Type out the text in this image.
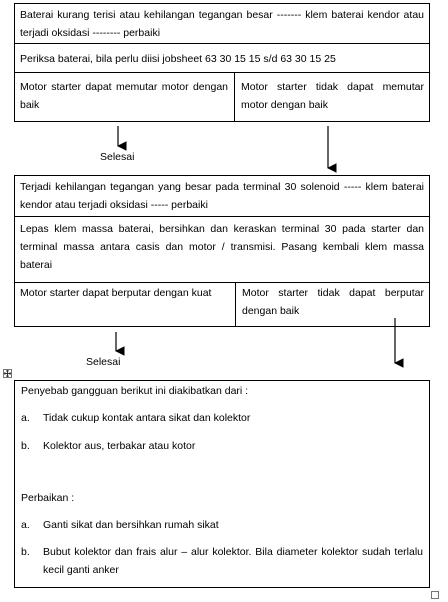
Baterai kurang terisi atau kehilangan tegangan besar ------- klem baterai kendor atau terjadi oksidasi -------- perbaiki
Periksa baterai, bila perlu diisi jobsheet 63 30 15 15 s/d 63 30 15 25
Motor starter dapat memutar motor dengan baik
Motor starter tidak dapat memutar motor dengan baik
Selesai
Terjadi kehilangan tegangan yang besar pada terminal 30 solenoid ----- klem baterai kendor atau terjadi oksidasi ----- perbaiki
Lepas klem massa baterai, bersihkan dan keraskan terminal 30 pada starter dan terminal massa antara casis dan motor / transmisi. Pasang kembali klem massa baterai
Motor starter dapat berputar dengan kuat	Motor starter tidak dapat berputar dengan baik
Selesai
Penyebab gangguan berikut ini diakibatkan dari :
a. Tidak cukup kontak antara sikat dan kolektor
b. Kolektor aus, terbakar atau kotor
Perbaikan :
a. Ganti sikat dan bersihkan rumah sikat
b. Bubut kolektor dan frais alur – alur kolektor. Bila diameter kolektor sudah terlalu kecil ganti anker
